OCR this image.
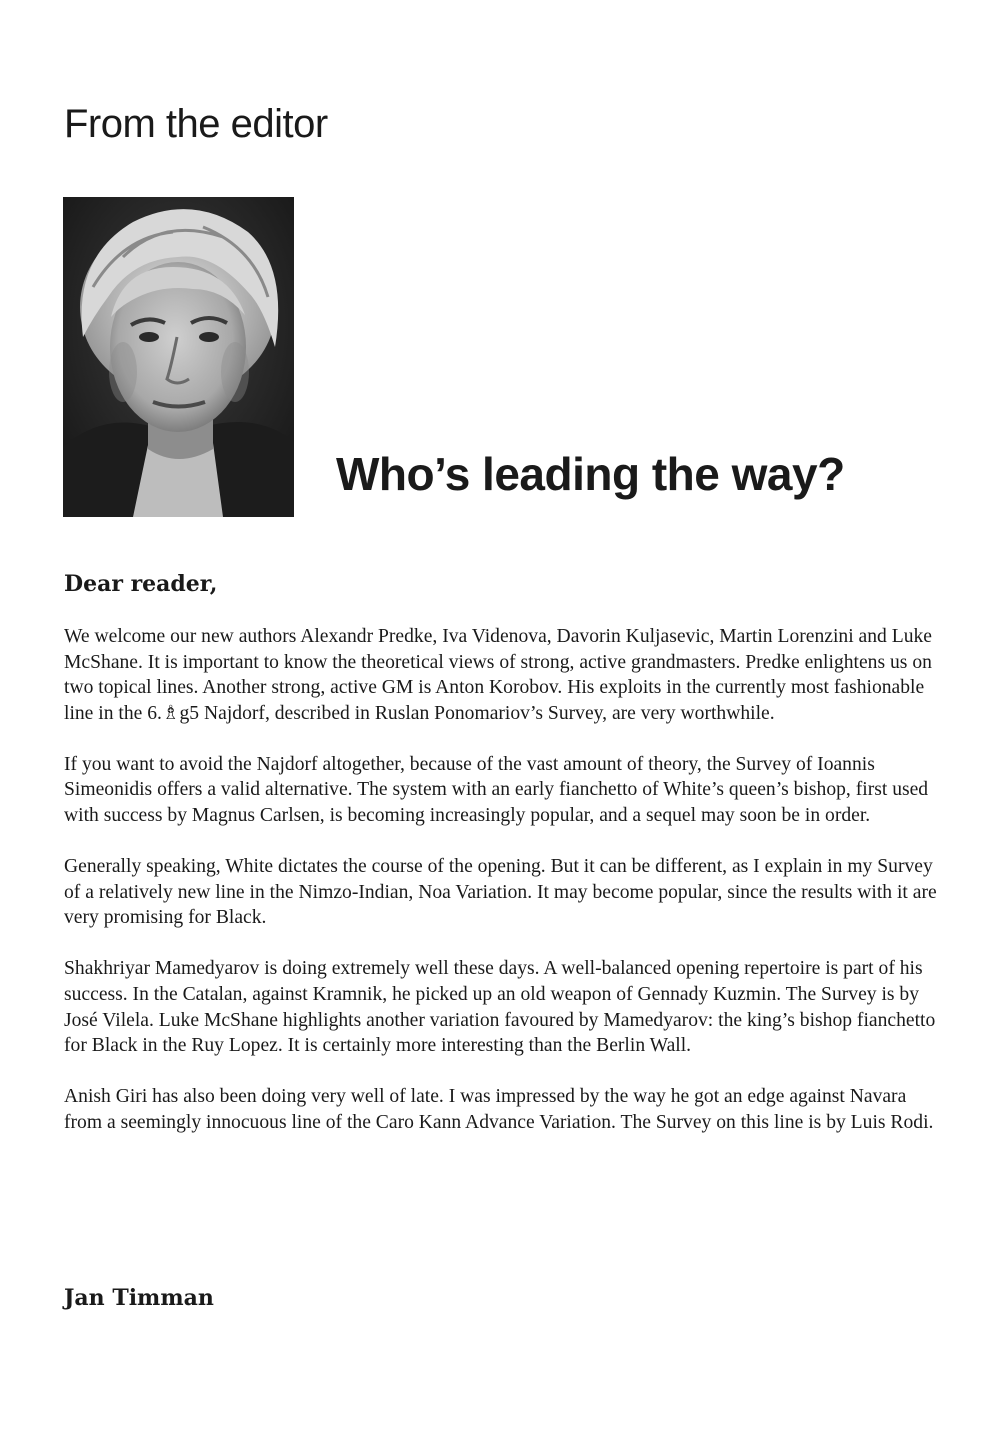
From the editor
Who’s leading the way?
Dear reader,

We welcome our new authors Alexandr Predke, Iva Videnova, Davorin Kuljasevic, Martin Lorenzini and Luke McShane. It is important to know the theoretical views of strong, active grandmasters. Predke enlightens us on two topical lines. Another strong, active GM is Anton Korobov. His exploits in the currently most fashionable line in the 6.♗g5 Najdorf, described in Ruslan Ponomariov’s Survey, are very worthwhile.

If you want to avoid the Najdorf altogether, because of the vast amount of theory, the Survey of Ioannis Simeonidis offers a valid alternative. The system with an early fianchetto of White’s queen’s bishop, first used with success by Magnus Carlsen, is becoming increasingly popular, and a sequel may soon be in order.

Generally speaking, White dictates the course of the opening. But it can be different, as I explain in my Survey of a relatively new line in the Nimzo-Indian, Noa Variation. It may become popular, since the results with it are very promising for Black.

Shakhriyar Mamedyarov is doing extremely well these days. A well-balanced opening repertoire is part of his success. In the Catalan, against Kramnik, he picked up an old weapon of Gennady Kuzmin. The Survey is by José Vilela. Luke McShane highlights another variation favoured by Mamedyarov: the king’s bishop fianchetto for Black in the Ruy Lopez. It is certainly more interesting than the Berlin Wall.

Anish Giri has also been doing very well of late. I was impressed by the way he got an edge against Navara from a seemingly innocuous line of the Caro Kann Advance Variation. The Survey on this line is by Luis Rodi.

Jan Timman
